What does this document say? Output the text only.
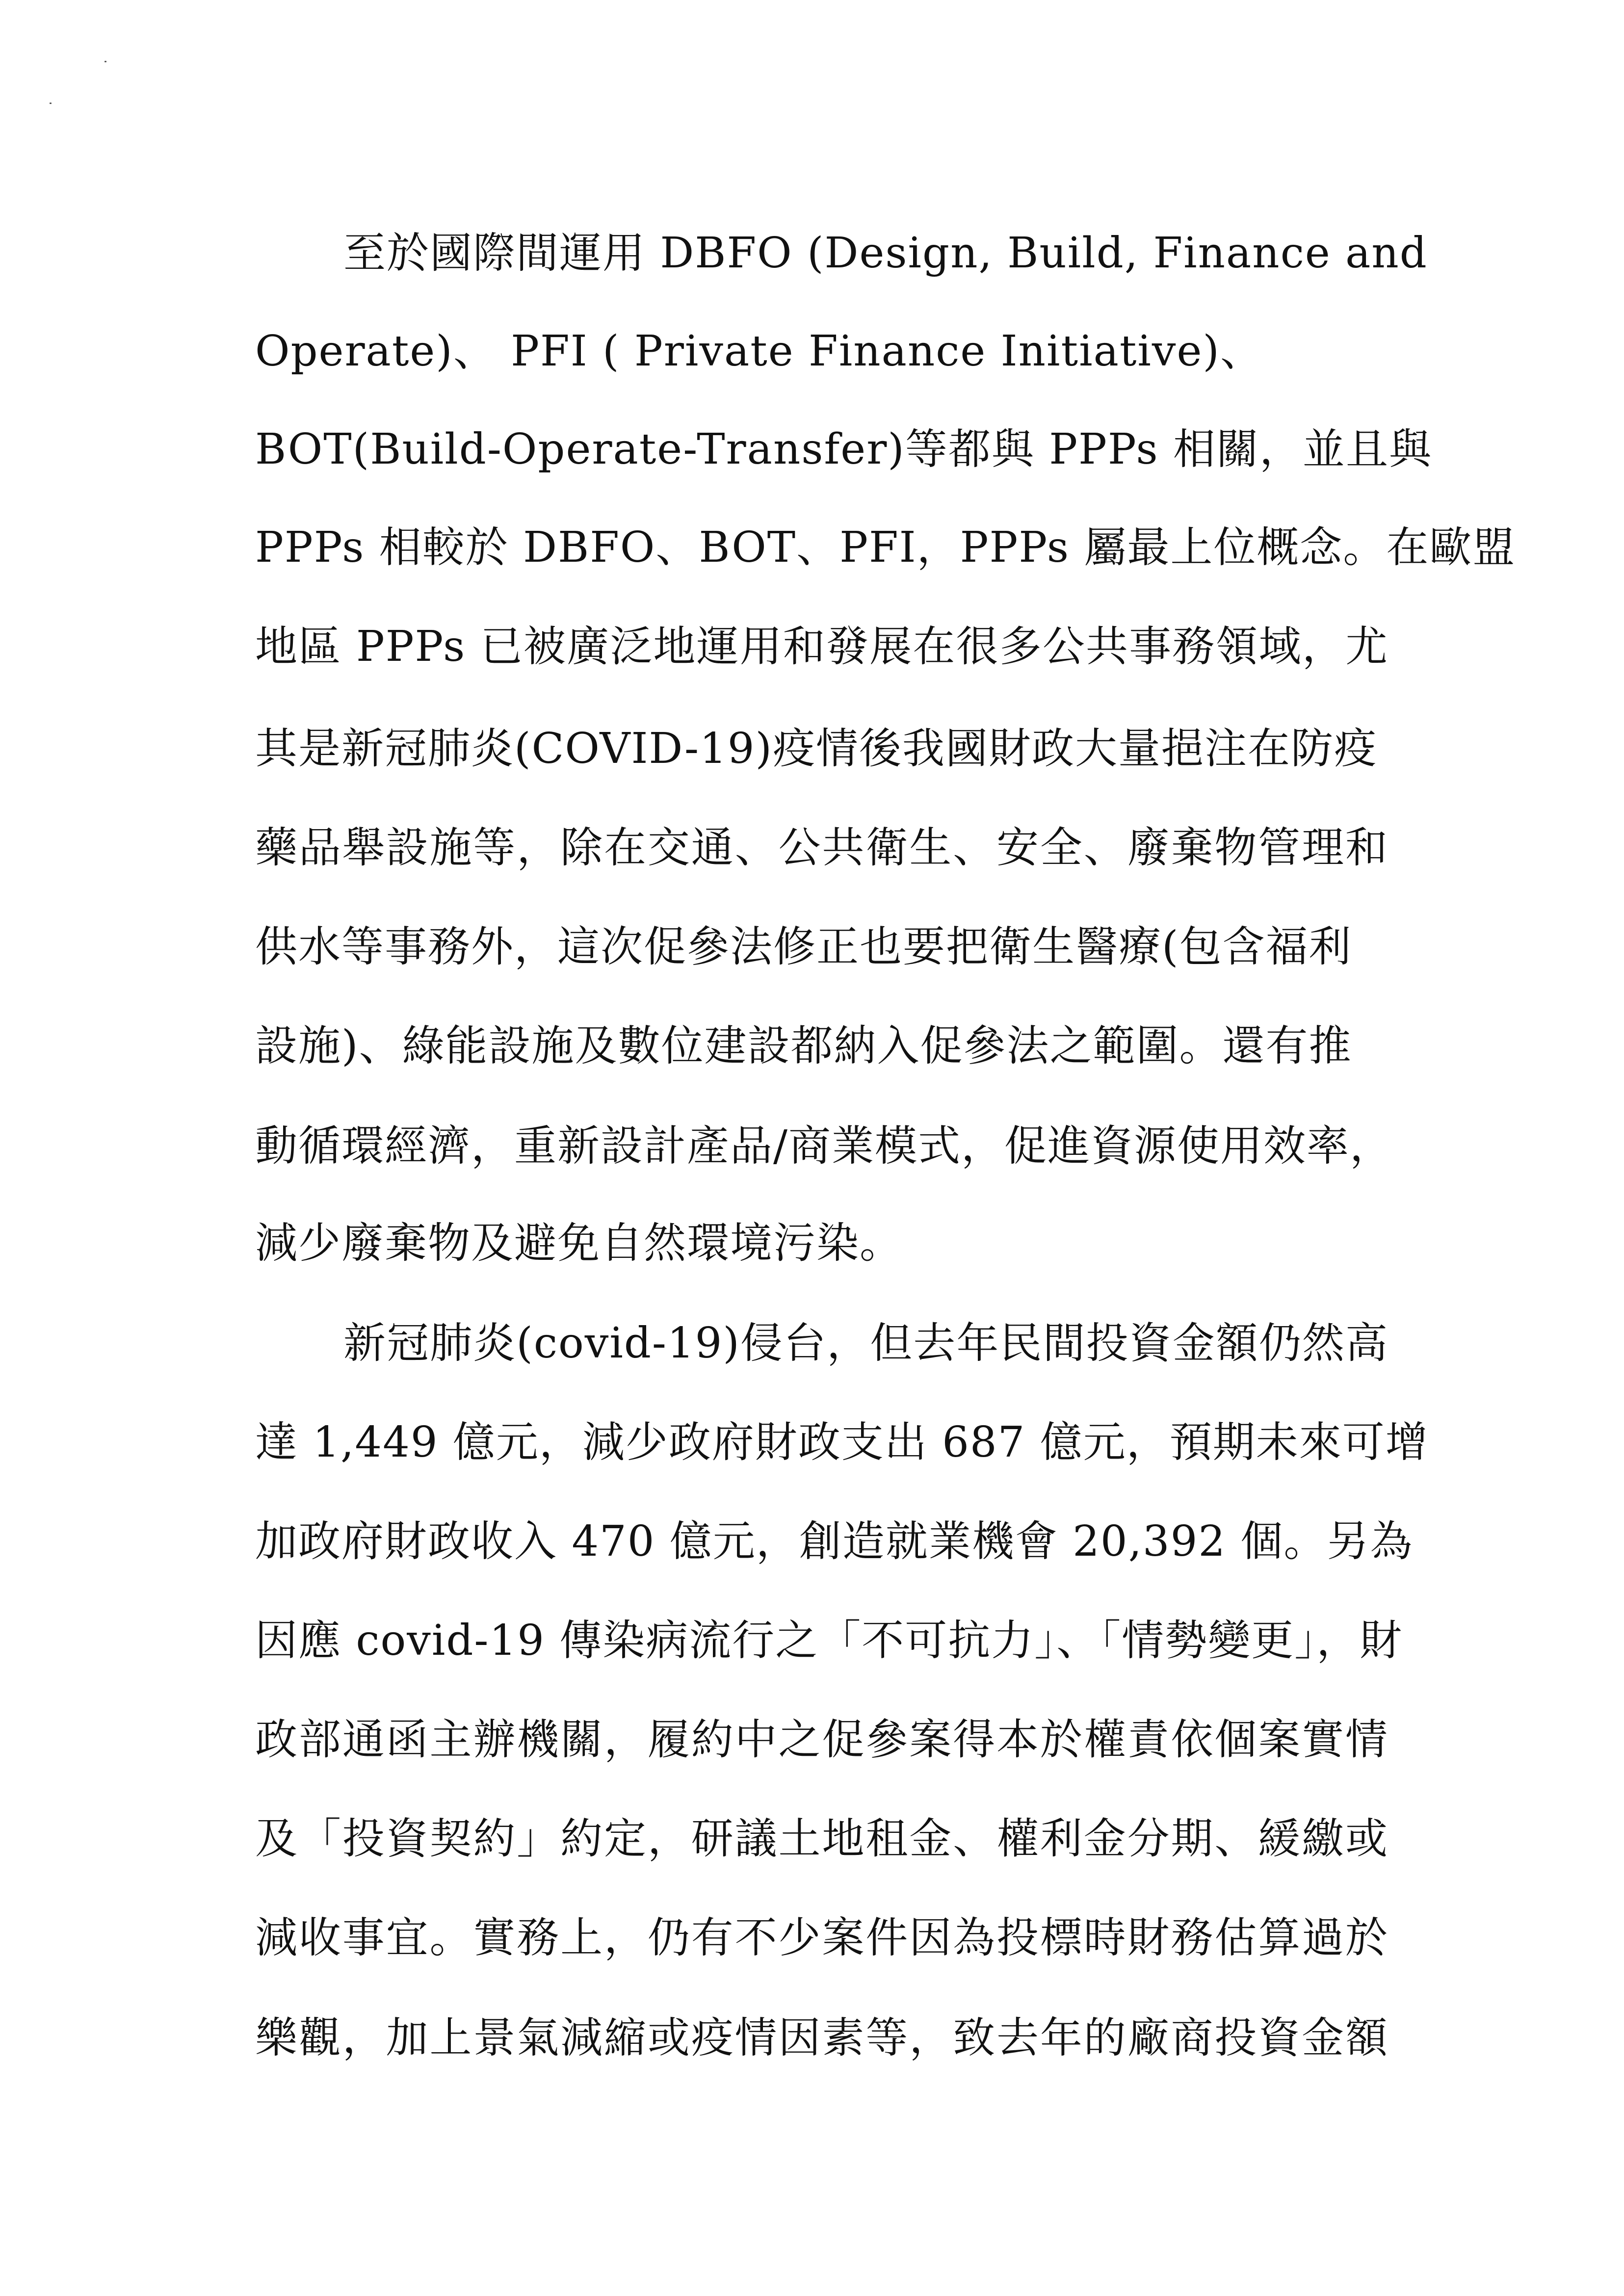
至於國際間運用 DBFO (Design, Build, Finance and
Operate)、 PFI ( Private Finance Initiative)、
BOT(Build-Operate-Transfer)等都與 PPPs 相關，並且與
PPPs 相較於 DBFO、BOT、PFI，PPPs 屬最上位概念。在歐盟
地區 PPPs 已被廣泛地運用和發展在很多公共事務領域，尤
其是新冠肺炎(COVID-19)疫情後我國財政大量挹注在防疫
藥品舉設施等，除在交通、公共衛生、安全、廢棄物管理和
供水等事務外，這次促參法修正也要把衛生醫療(包含福利
設施)、綠能設施及數位建設都納入促參法之範圍。還有推
動循環經濟，重新設計產品/商業模式，促進資源使用效率，
減少廢棄物及避免自然環境污染。
新冠肺炎(covid-19)侵台，但去年民間投資金額仍然高
達 1,449 億元，減少政府財政支出 687 億元，預期未來可增
加政府財政收入 470 億元，創造就業機會 20,392 個。另為
因應 covid-19 傳染病流行之「不可抗力」、「情勢變更」，財
政部通函主辦機關，履約中之促參案得本於權責依個案實情
及「投資契約」約定，研議土地租金、權利金分期、緩繳或
減收事宜。實務上，仍有不少案件因為投標時財務估算過於
樂觀，加上景氣減縮或疫情因素等，致去年的廠商投資金額
